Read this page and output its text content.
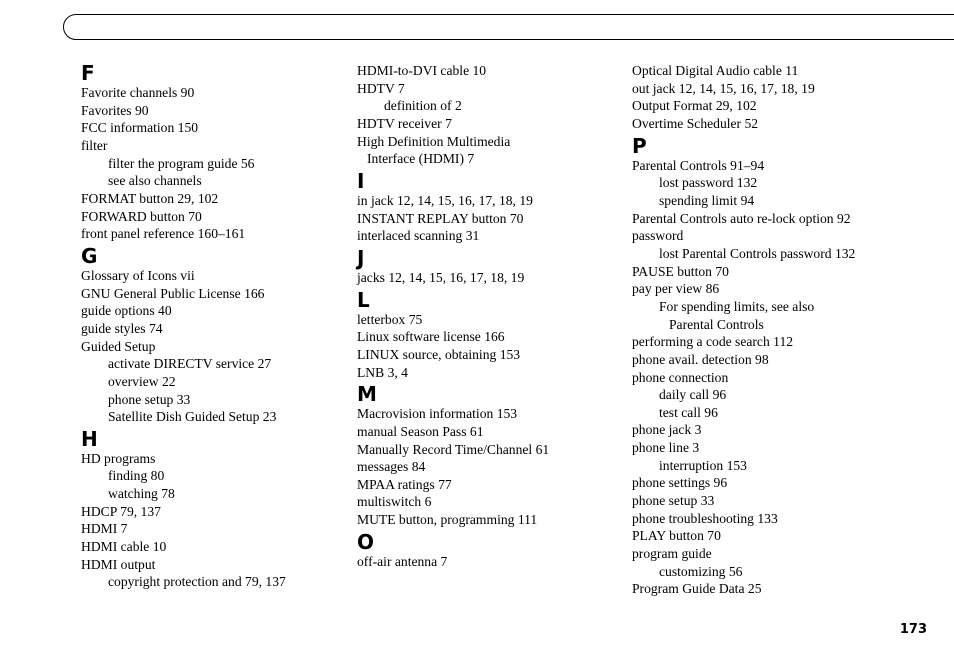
F
Favorite channels 90
Favorites 90
FCC information 150
filter
filter the program guide 56
see also channels
FORMAT button 29, 102
FORWARD button 70
front panel reference 160–161
G
Glossary of Icons vii
GNU General Public License 166
guide options 40
guide styles 74
Guided Setup
activate DIRECTV service 27
overview 22
phone setup 33
Satellite Dish Guided Setup 23
H
HD programs
finding 80
watching 78
HDCP 79, 137
HDMI 7
HDMI cable 10
HDMI output
copyright protection and 79, 137
HDMI-to-DVI cable 10
HDTV 7
definition of 2
HDTV receiver 7
High Definition Multimedia
Interface (HDMI) 7
I
in jack 12, 14, 15, 16, 17, 18, 19
INSTANT REPLAY button 70
interlaced scanning 31
J
jacks 12, 14, 15, 16, 17, 18, 19
L
letterbox 75
Linux software license 166
LINUX source, obtaining 153
LNB 3, 4
M
Macrovision information 153
manual Season Pass 61
Manually Record Time/Channel 61
messages 84
MPAA ratings 77
multiswitch 6
MUTE button, programming 111
O
off-air antenna 7
Optical Digital Audio cable 11
out jack 12, 14, 15, 16, 17, 18, 19
Output Format 29, 102
Overtime Scheduler 52
P
Parental Controls 91–94
lost password 132
spending limit 94
Parental Controls auto re-lock option 92
password
lost Parental Controls password 132
PAUSE button 70
pay per view 86
For spending limits, see also
Parental Controls
performing a code search 112
phone avail. detection 98
phone connection
daily call 96
test call 96
phone jack 3
phone line 3
interruption 153
phone settings 96
phone setup 33
phone troubleshooting 133
PLAY button 70
program guide
customizing 56
Program Guide Data 25
173
